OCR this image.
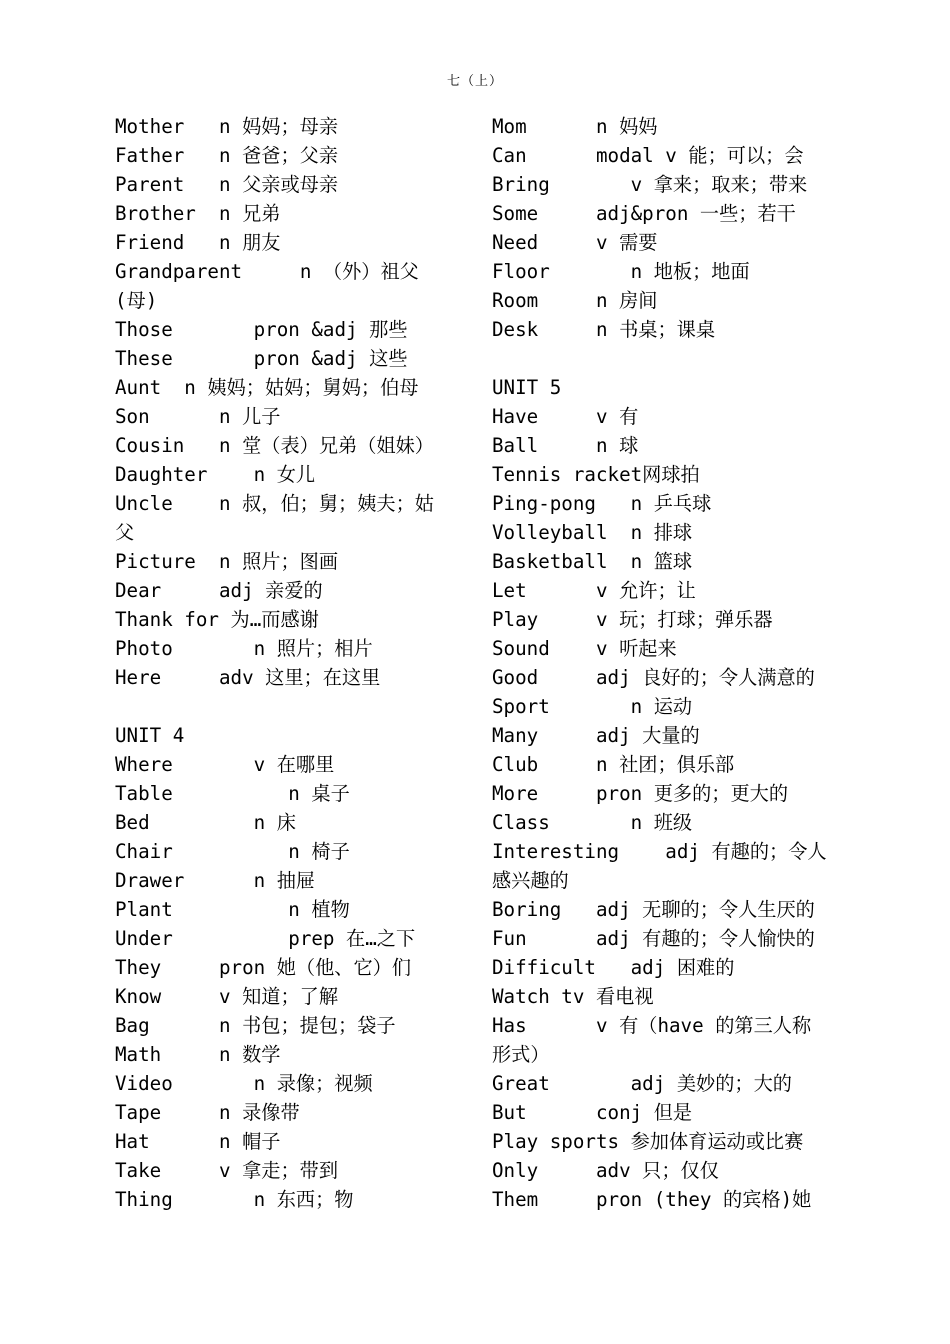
七（上）
Mother   n 妈妈；母亲
Father   n 爸爸；父亲
Parent   n 父亲或母亲
Brother  n 兄弟
Friend   n 朋友
Grandparent     n （外）祖父
(母)
Those       pron &adj 那些
These       pron &adj 这些
Aunt  n 姨妈；姑妈；舅妈；伯母
Son      n 儿子
Cousin   n 堂（表）兄弟（姐妹）
Daughter    n 女儿
Uncle    n 叔，伯；舅；姨夫；姑
父
Picture  n 照片；图画
Dear     adj 亲爱的
Thank for 为…而感谢
Photo       n 照片；相片
Here     adv 这里；在这里
UNIT 4
Where       v 在哪里
Table          n 桌子
Bed         n 床
Chair          n 椅子
Drawer      n 抽屉
Plant          n 植物
Under          prep 在…之下
They     pron 她（他、它）们
Know     v 知道；了解
Bag      n 书包；提包；袋子
Math     n 数学
Video       n 录像；视频
Tape     n 录像带
Hat      n 帽子
Take     v 拿走；带到
Thing       n 东西；物
Mom      n 妈妈
Can      modal v 能；可以；会
Bring       v 拿来；取来；带来
Some     adj&pron 一些；若干
Need     v 需要
Floor       n 地板；地面
Room     n 房间
Desk     n 书桌；课桌
UNIT 5
Have     v 有
Ball     n 球
Tennis racket网球拍
Ping-pong   n 乒乓球
Volleyball  n 排球
Basketball  n 篮球
Let      v 允许；让
Play     v 玩；打球；弹乐器
Sound    v 听起来
Good     adj 良好的；令人满意的
Sport       n 运动
Many     adj 大量的
Club     n 社团；俱乐部
More     pron 更多的；更大的
Class       n 班级
Interesting    adj 有趣的；令人
感兴趣的
Boring   adj 无聊的；令人生厌的
Fun      adj 有趣的；令人愉快的
Difficult   adj 困难的
Watch tv 看电视
Has      v 有（have 的第三人称
形式）
Great       adj 美妙的；大的
But      conj 但是
Play sports 参加体育运动或比赛
Only     adv 只；仅仅
Them     pron (they 的宾格)她
